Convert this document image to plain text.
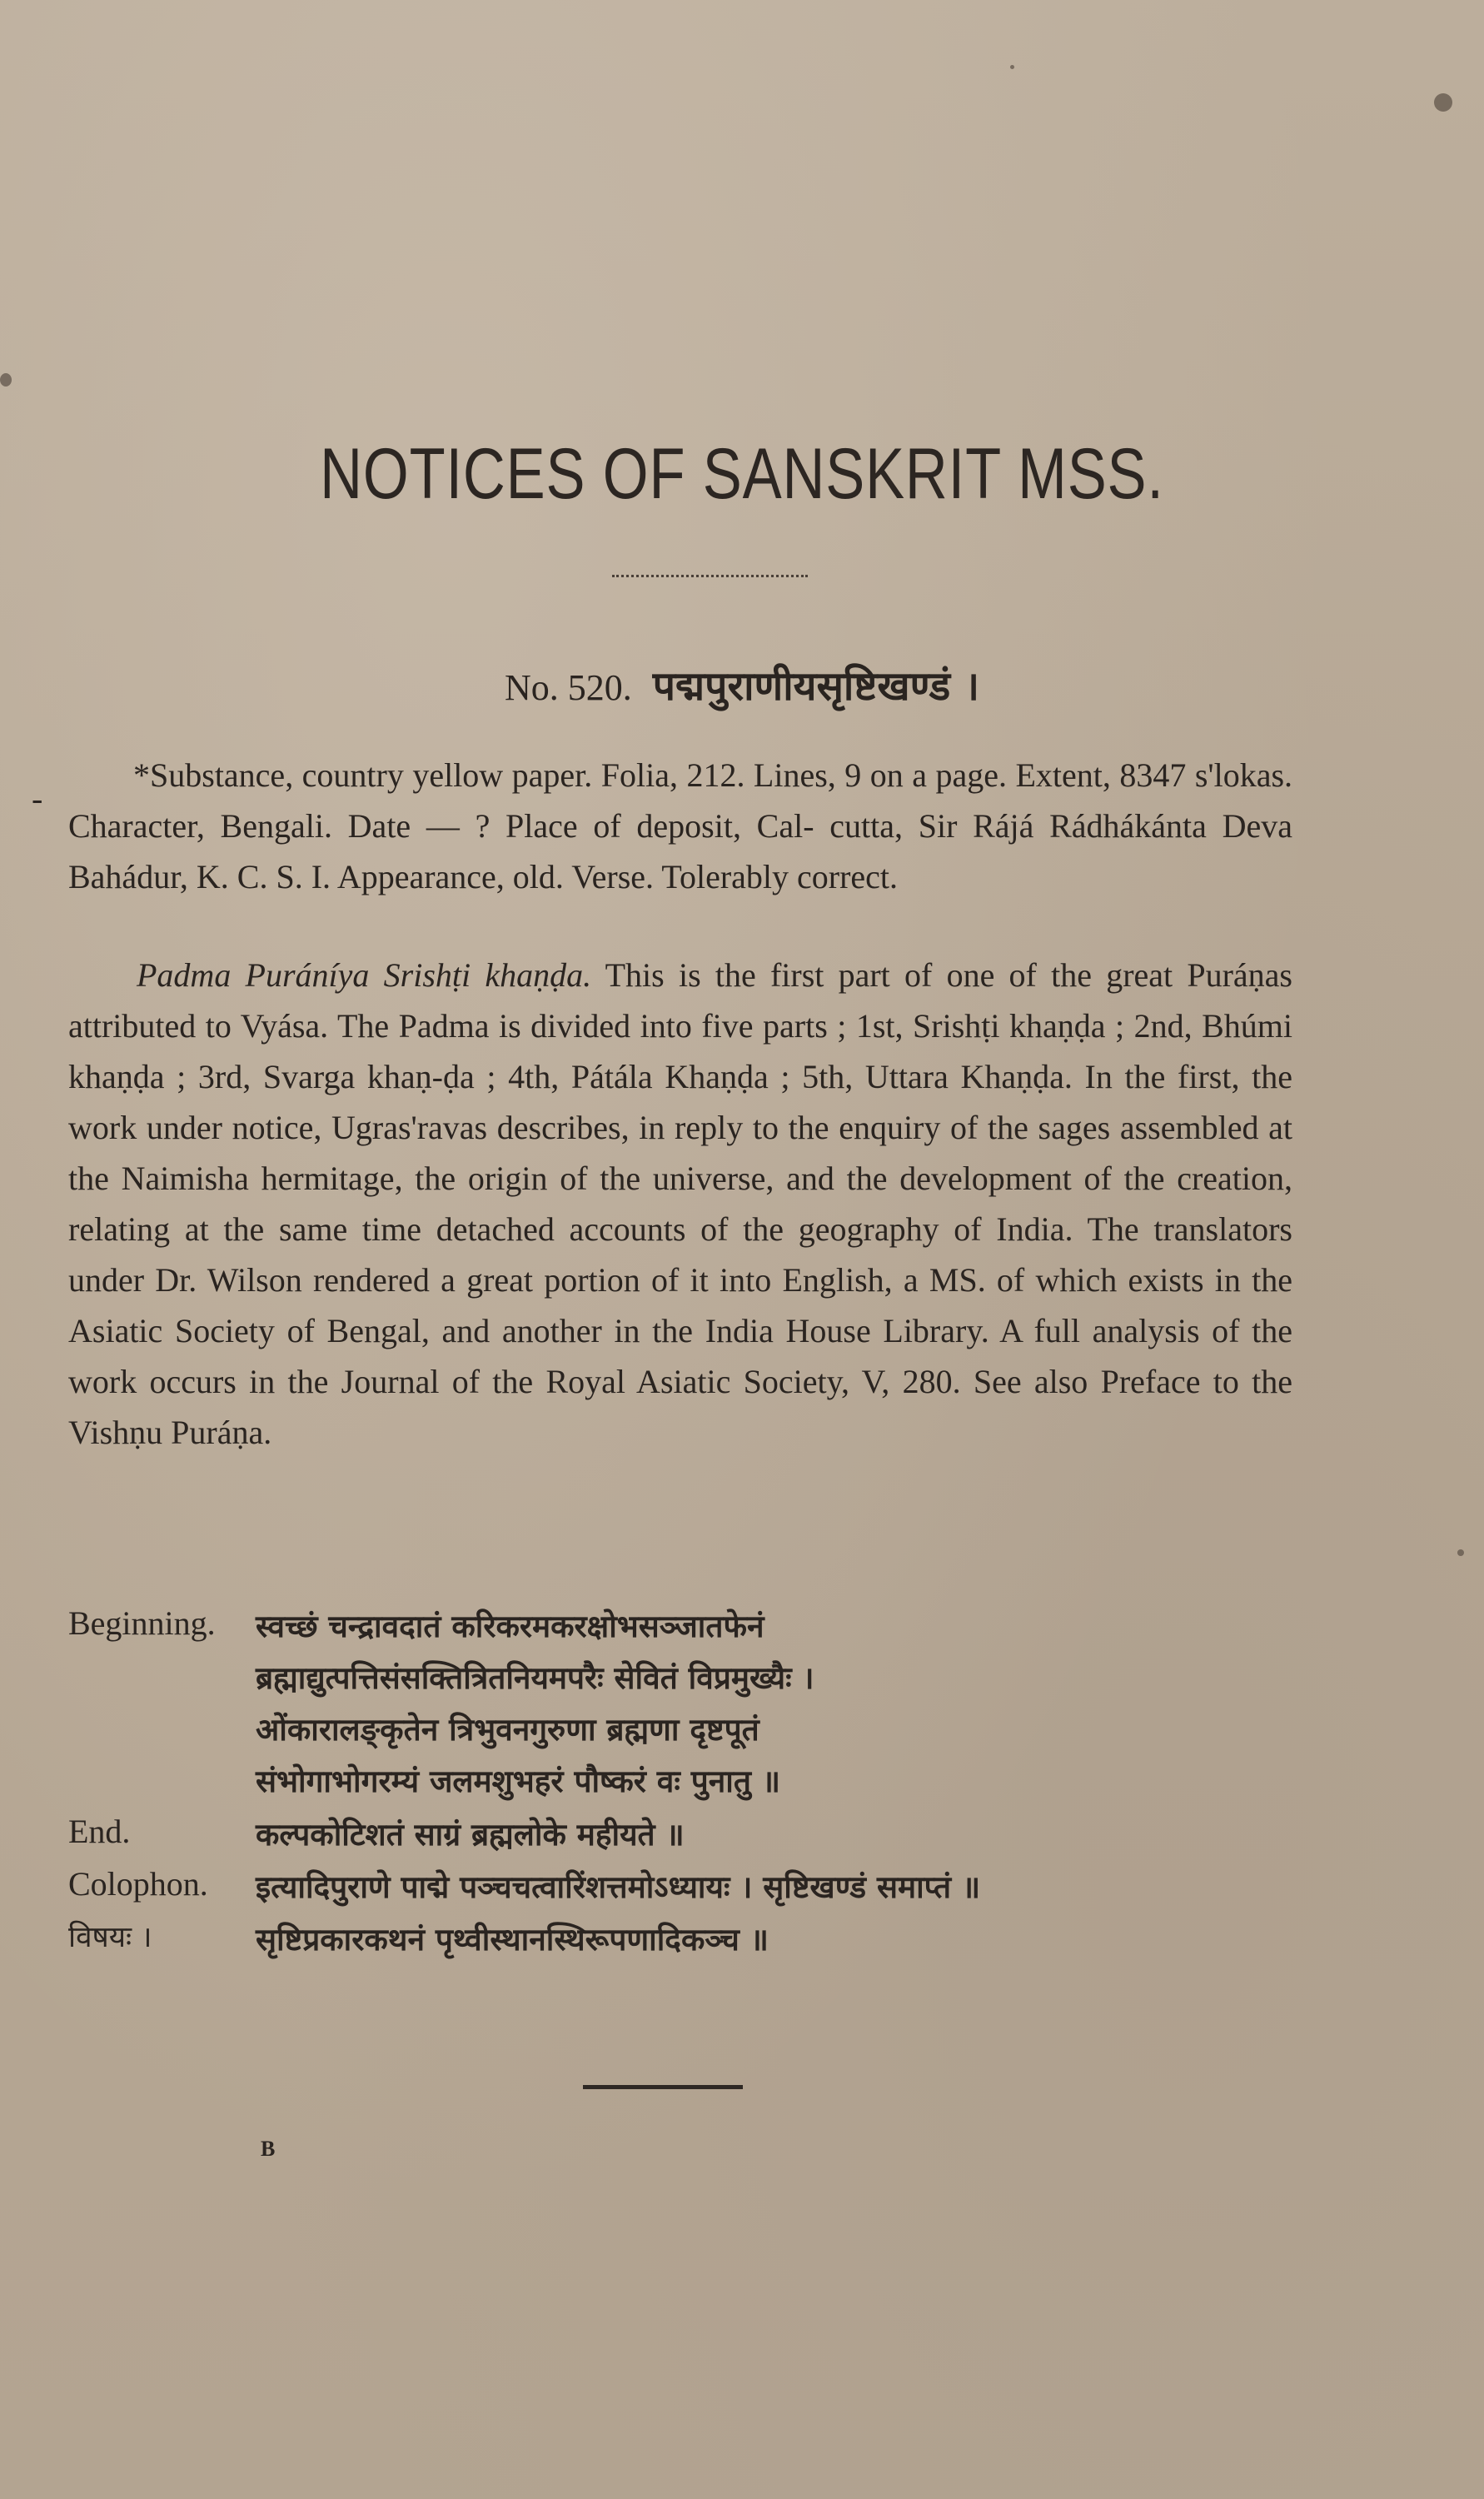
NOTICES OF SANSKRIT MSS.
No. 520. पद्मपुराणीयसृष्टिखण्डं ।
-
*Substance, country yellow paper. Folia, 212. Lines, 9 on a page. Extent, 8347 s'lokas. Character, Bengali. Date — ? Place of deposit, Cal- cutta, Sir Rájá Rádhákánta Deva Bahádur, K. C. S. I. Appearance, old. Verse. Tolerably correct.
Padma Puráníya Srishṭi khaṇḍa. This is the first part of one of the great Puráṇas attributed to Vyása. The Padma is divided into five parts ; 1st, Srishṭi khaṇḍa ; 2nd, Bhúmi khaṇḍa ; 3rd, Svarga khaṇ-ḍa ; 4th, Pátála Khaṇḍa ; 5th, Uttara Khaṇḍa. In the first, the work under notice, Ugras'ravas describes, in reply to the enquiry of the sages assembled at the Naimisha hermitage, the origin of the universe, and the development of the creation, relating at the same time detached accounts of the geography of India. The translators under Dr. Wilson rendered a great portion of it into English, a MS. of which exists in the Asiatic Society of Bengal, and another in the India House Library. A full analysis of the work occurs in the Journal of the Royal Asiatic Society, V, 280. See also Preface to the Vishṇu Puráṇa.
Beginning. स्वच्छं चन्द्रावदातं करिकरमकरक्षोभसञ्जातफेनं
ब्रह्माद्युत्पत्तिसंसक्तित्रितनियमपरैः सेवितं विप्रमुख्यैः ।
ओंकारालङ्कृतेन त्रिभुवनगुरुणा ब्रह्मणा दृष्टपूतं
संभोगाभोगरम्यं जलमशुभहरं पौष्करं वः पुनातु ॥
End.	कल्पकोटिशतं साग्रं ब्रह्मलोके महीयते ॥
Colophon. इत्यादिपुराणे पाद्मे पञ्चचत्वारिंशत्तमोऽध्यायः । सृष्टिखण्डं समाप्तं ॥
विषयः ।	सृष्टिप्रकारकथनं पृथ्वीस्थानस्थिरूपणादिकञ्च ॥
B
